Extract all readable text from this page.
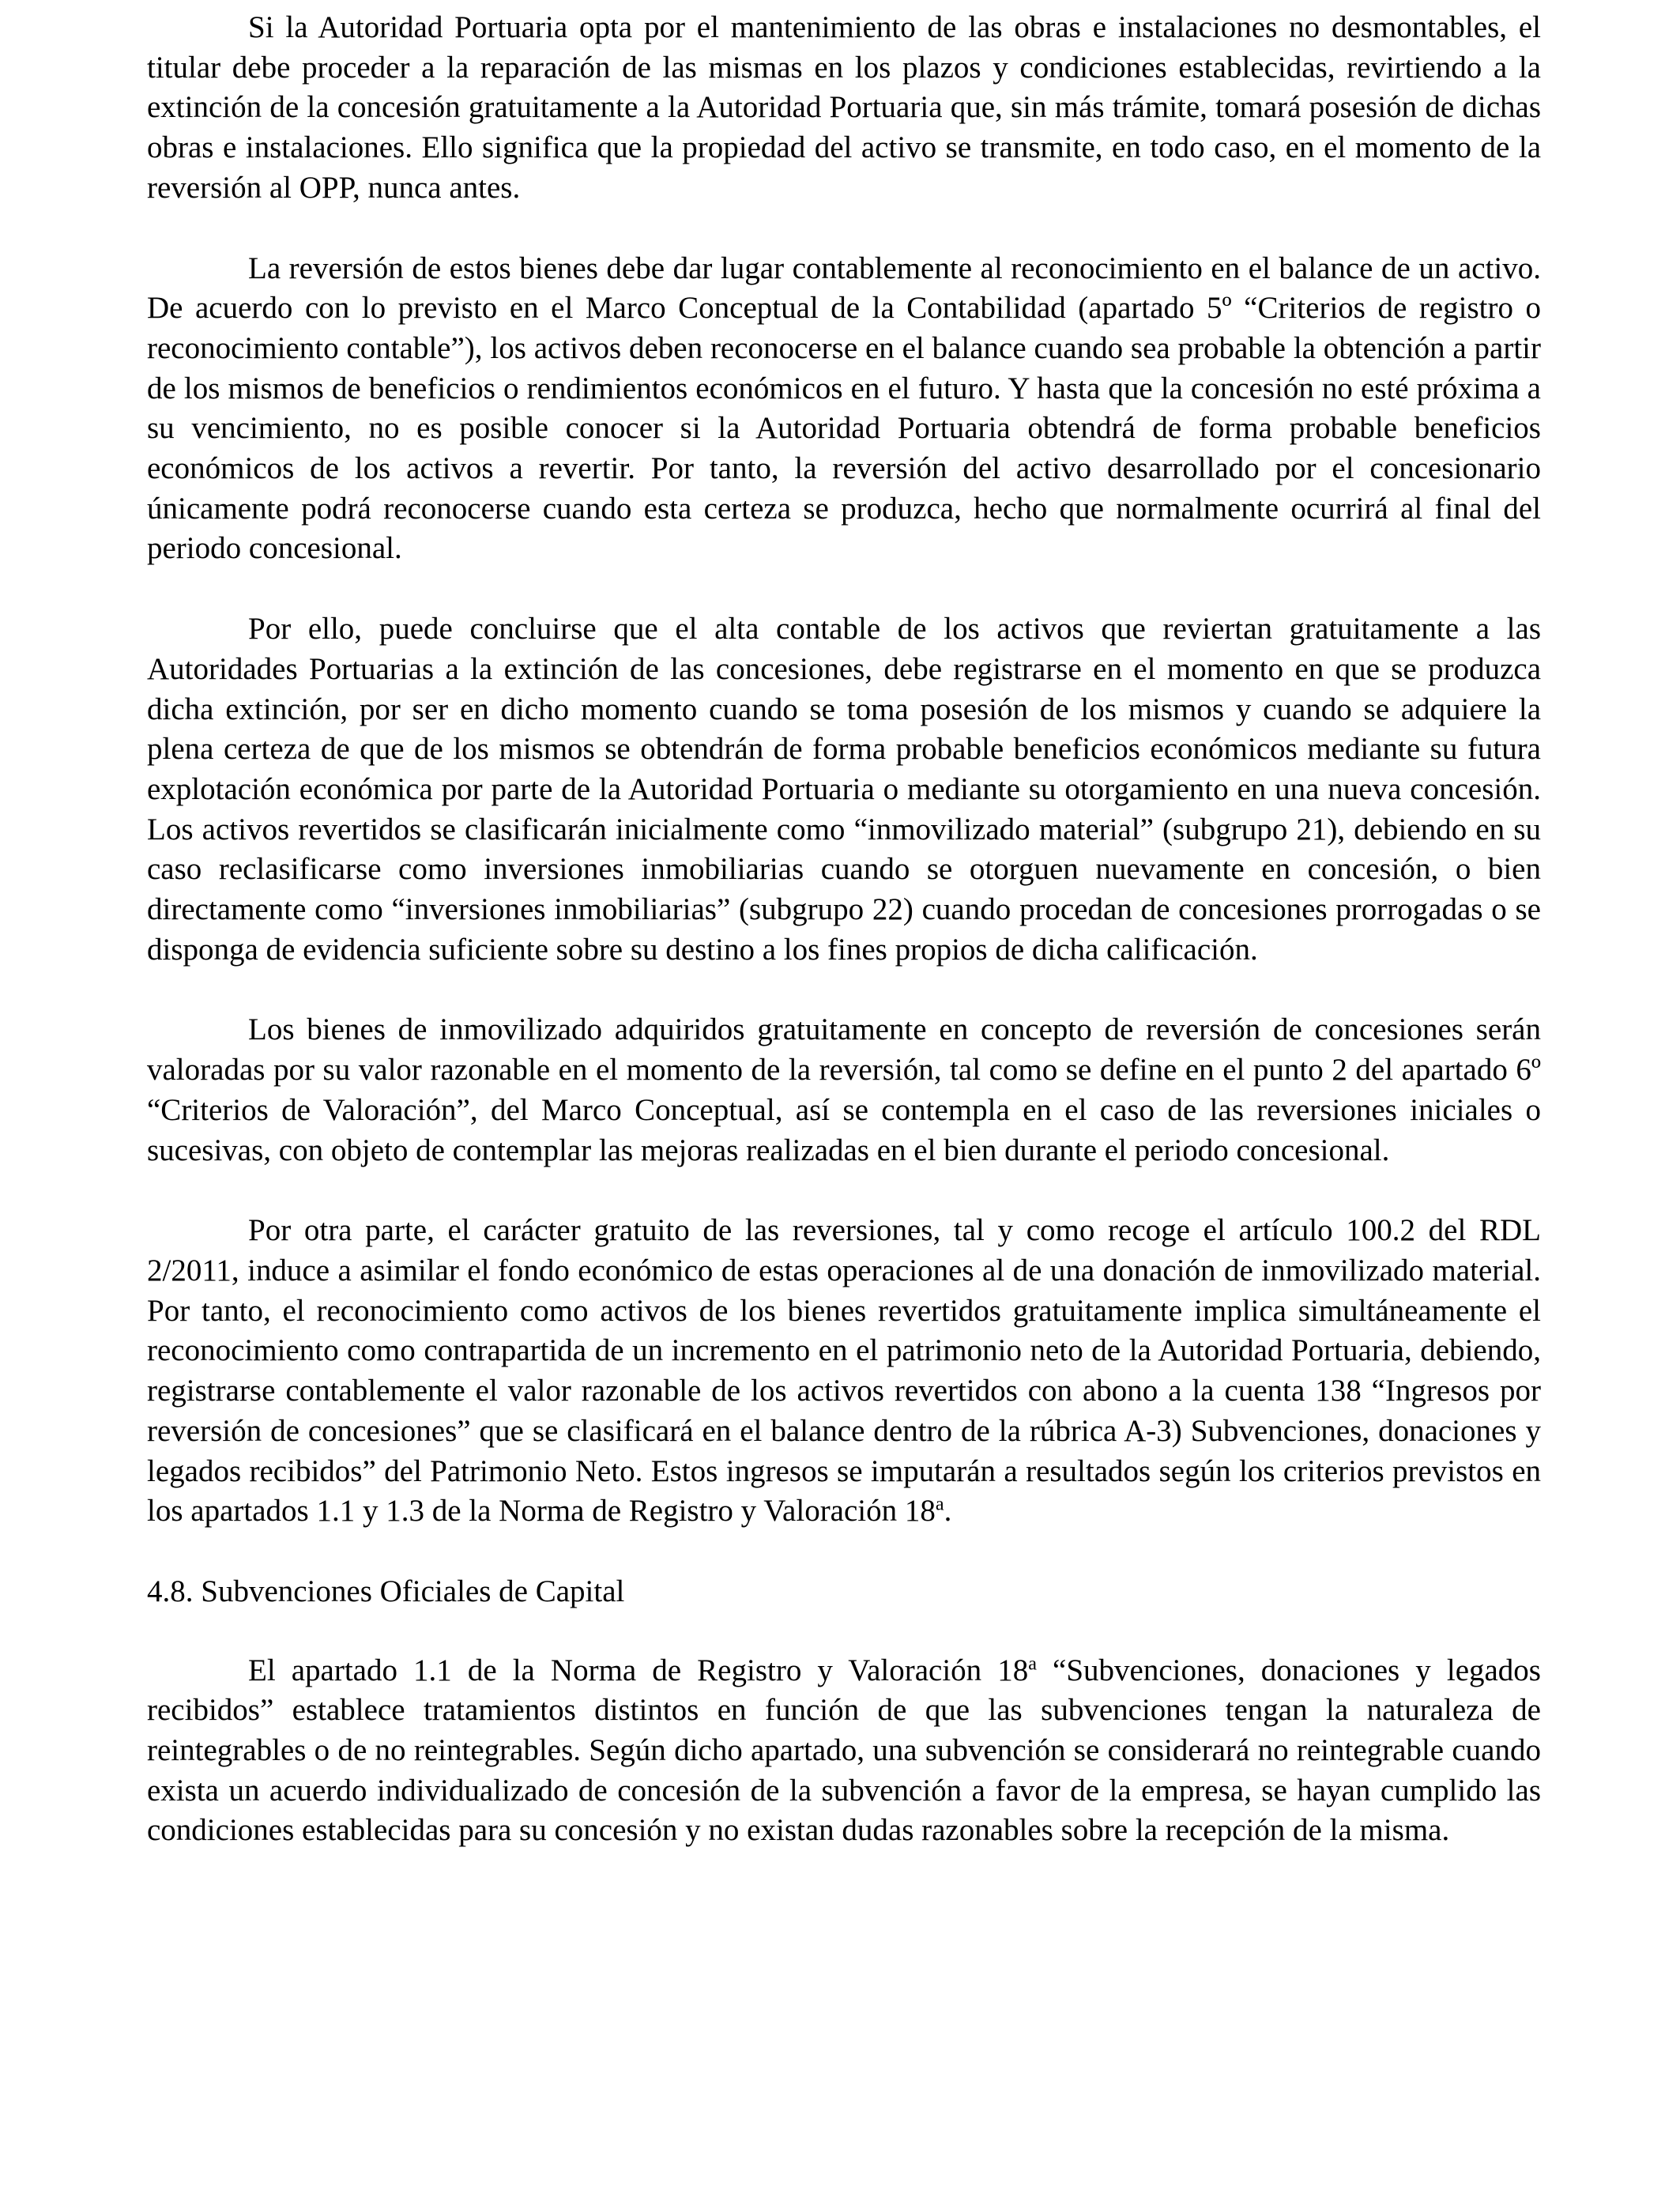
Si la Autoridad Portuaria opta por el mantenimiento de las obras e instalaciones no desmontables, el titular debe proceder a la reparación de las mismas en los plazos y condiciones establecidas, revirtiendo a la extinción de la concesión gratuitamente a la Autoridad Portuaria que, sin más trámite, tomará posesión de dichas obras e instalaciones. Ello significa que la propiedad del activo se transmite, en todo caso, en el momento de la reversión al OPP, nunca antes.

La reversión de estos bienes debe dar lugar contablemente al reconocimiento en el balance de un activo. De acuerdo con lo previsto en el Marco Conceptual de la Contabilidad (apartado 5º “Criterios de registro o reconocimiento contable”), los activos deben reconocerse en el balance cuando sea probable la obtención a partir de los mismos de beneficios o rendimientos económicos en el futuro. Y hasta que la concesión no esté próxima a su vencimiento, no es posible conocer si la Autoridad Portuaria obtendrá de forma probable beneficios económicos de los activos a revertir. Por tanto, la reversión del activo desarrollado por el concesionario únicamente podrá reconocerse cuando esta certeza se produzca, hecho que normalmente ocurrirá al final del periodo concesional.

Por ello, puede concluirse que el alta contable de los activos que reviertan gratuitamente a las Autoridades Portuarias a la extinción de las concesiones, debe registrarse en el momento en que se produzca dicha extinción, por ser en dicho momento cuando se toma posesión de los mismos y cuando se adquiere la plena certeza de que de los mismos se obtendrán de forma probable beneficios económicos mediante su futura explotación económica por parte de la Autoridad Portuaria o mediante su otorgamiento en una nueva concesión. Los activos revertidos se clasificarán inicialmente como “inmovilizado material” (subgrupo 21), debiendo en su caso reclasificarse como inversiones inmobiliarias cuando se otorguen nuevamente en concesión, o bien directamente como “inversiones inmobiliarias” (subgrupo 22) cuando procedan de concesiones prorrogadas o se disponga de evidencia suficiente sobre su destino a los fines propios de dicha calificación.

Los bienes de inmovilizado adquiridos gratuitamente en concepto de reversión de concesiones serán valoradas por su valor razonable en el momento de la reversión, tal como se define en el punto 2 del apartado 6º “Criterios de Valoración”, del Marco Conceptual, así se contempla en el caso de las reversiones iniciales o sucesivas, con objeto de contemplar las mejoras realizadas en el bien durante el periodo concesional.

Por otra parte, el carácter gratuito de las reversiones, tal y como recoge el artículo 100.2 del RDL 2/2011, induce a asimilar el fondo económico de estas operaciones al de una donación de inmovilizado material. Por tanto, el reconocimiento como activos de los bienes revertidos gratuitamente implica simultáneamente el reconocimiento como contrapartida de un incremento en el patrimonio neto de la Autoridad Portuaria, debiendo, registrarse contablemente el valor razonable de los activos revertidos con abono a la cuenta 138 “Ingresos por reversión de concesiones” que se clasificará en el balance dentro de la rúbrica A-3) Subvenciones, donaciones y legados recibidos” del Patrimonio Neto. Estos ingresos se imputarán a resultados según los criterios previstos en los apartados 1.1 y 1.3 de la Norma de Registro y Valoración 18$^a$.

4.8. Subvenciones Oficiales de Capital

El apartado 1.1 de la Norma de Registro y Valoración 18$^a$ “Subvenciones, donaciones y legados recibidos” establece tratamientos distintos en función de que las subvenciones tengan la naturaleza de reintegrables o de no reintegrables. Según dicho apartado, una subvención se considerará no reintegrable cuando exista un acuerdo individualizado de concesión de la subvención a favor de la empresa, se hayan cumplido las condiciones establecidas para su concesión y no existan dudas razonables sobre la recepción de la misma.
